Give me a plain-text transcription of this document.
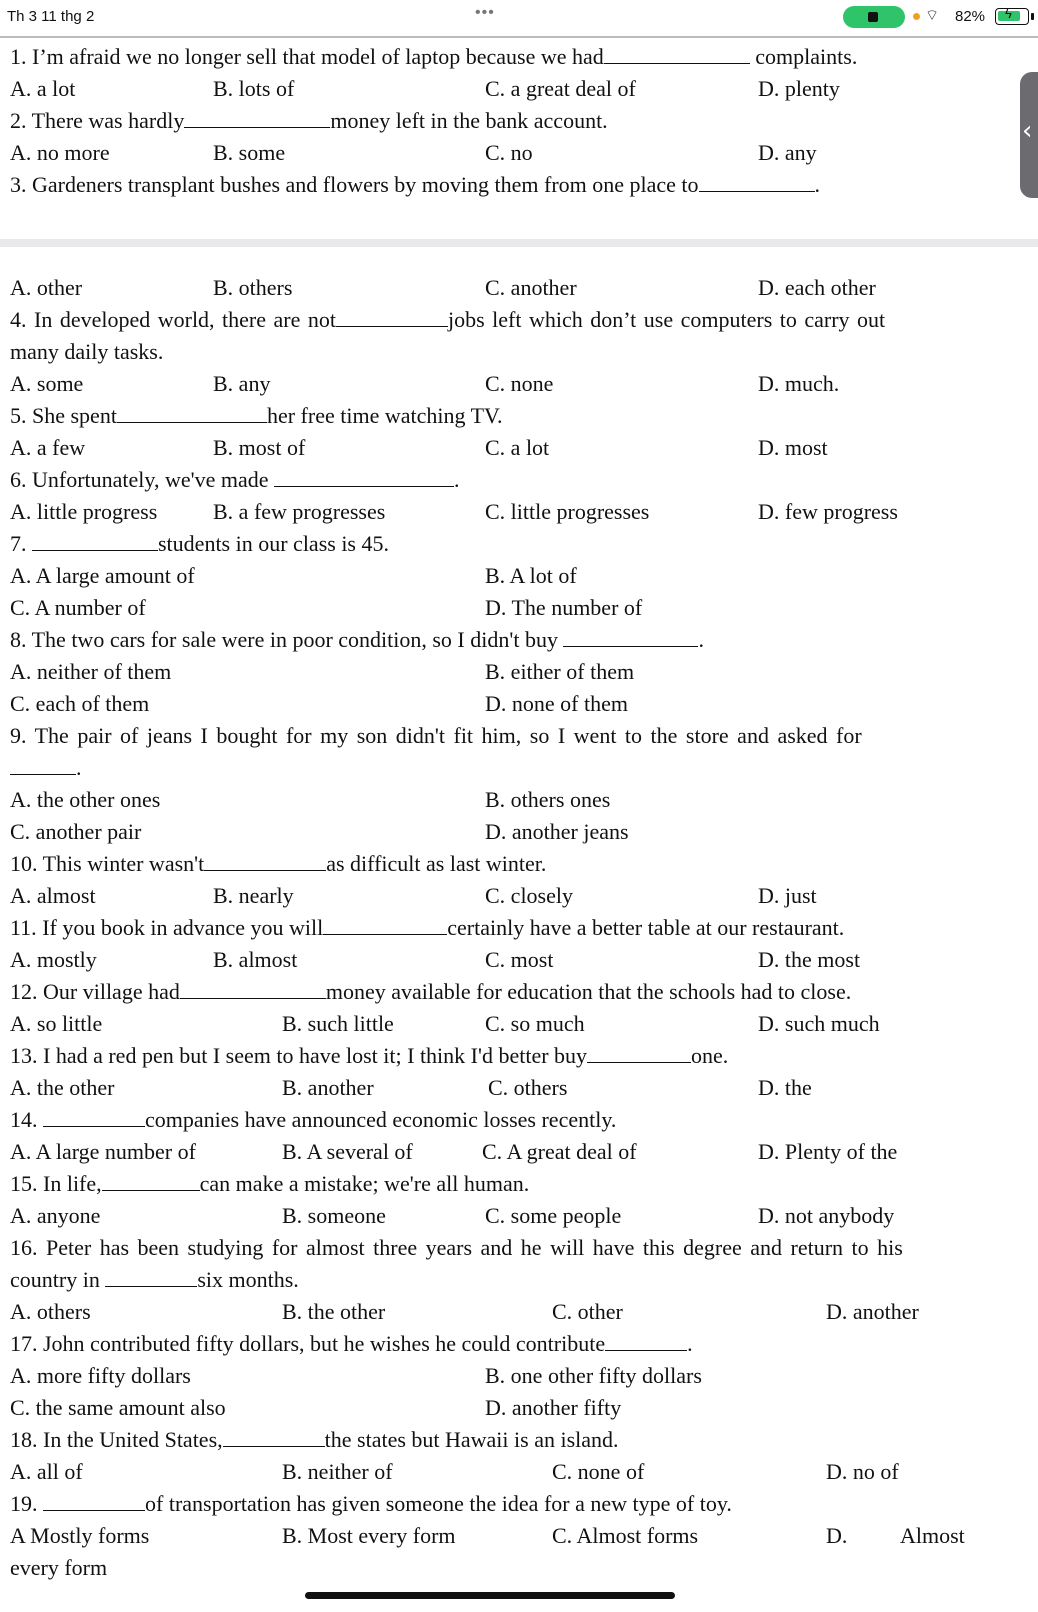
Th 3 11 thg 2	•••	⌔ 82% ϟ
‹
1. I’m afraid we no longer sell that model of laptop because we had	complaints.
A. a lot	B. lots of	C. a great deal of	D. plenty
2. There was hardly	money left in the bank account.
A. no more	B. some	C. no	D. any
3. Gardeners transplant bushes and flowers by moving them from one place to	.
A. other	B. others	C. another	D. each other
4. In developed world, there are not	jobs left which don’t use computers to carry out
many daily tasks.
A. some	B. any	C. none	D. much.
5. She spent	her free time watching TV.
A. a few	B. most of	C. a lot	D. most
6. Unfortunately, we've made	.
A. little progress	B. a few progresses	C. little progresses	D. few progress
7.	students in our class is 45.
A. A large amount of	B. A lot of
C. A number of	D. The number of
8. The two cars for sale were in poor condition, so I didn't buy	.
A. neither of them	B. either of them
C. each of them	D. none of them
9. The pair of jeans I bought for my son didn't fit him, so I went to the store and asked for
.
A. the other ones	B. others ones
C. another pair	D. another jeans
10. This winter wasn't	as difficult as last winter.
A. almost	B. nearly	C. closely	D. just
11. If you book in advance you will	certainly have a better table at our restaurant.
A. mostly	B. almost	C. most	D. the most
12. Our village had	money available for education that the schools had to close.
A. so little	B. such little	C. so much	D. such much
13. I had a red pen but I seem to have lost it; I think I'd better buy	one.
A. the other	B. another	C. others	D. the
14.	companies have announced economic losses recently.
A. A large number of	B. A several of	C. A great deal of	D. Plenty of the
15. In life,	can make a mistake; we're all human.
A. anyone	B. someone	C. some people	D. not anybody
16. Peter has been studying for almost three years and he will have this degree and return to his
country in	six months.
A. others	B. the other	C. other	D. another
17. John contributed fifty dollars, but he wishes he could contribute	.
A. more fifty dollars	B. one other fifty dollars
C. the same amount also	D. another fifty
18. In the United States,	the states but Hawaii is an island.
A. all of	B. neither of	C. none of	D. no of
19.	of transportation has given someone the idea for a new type of toy.
A Mostly forms	B. Most every form	C. Almost forms	D. Almost
every form
